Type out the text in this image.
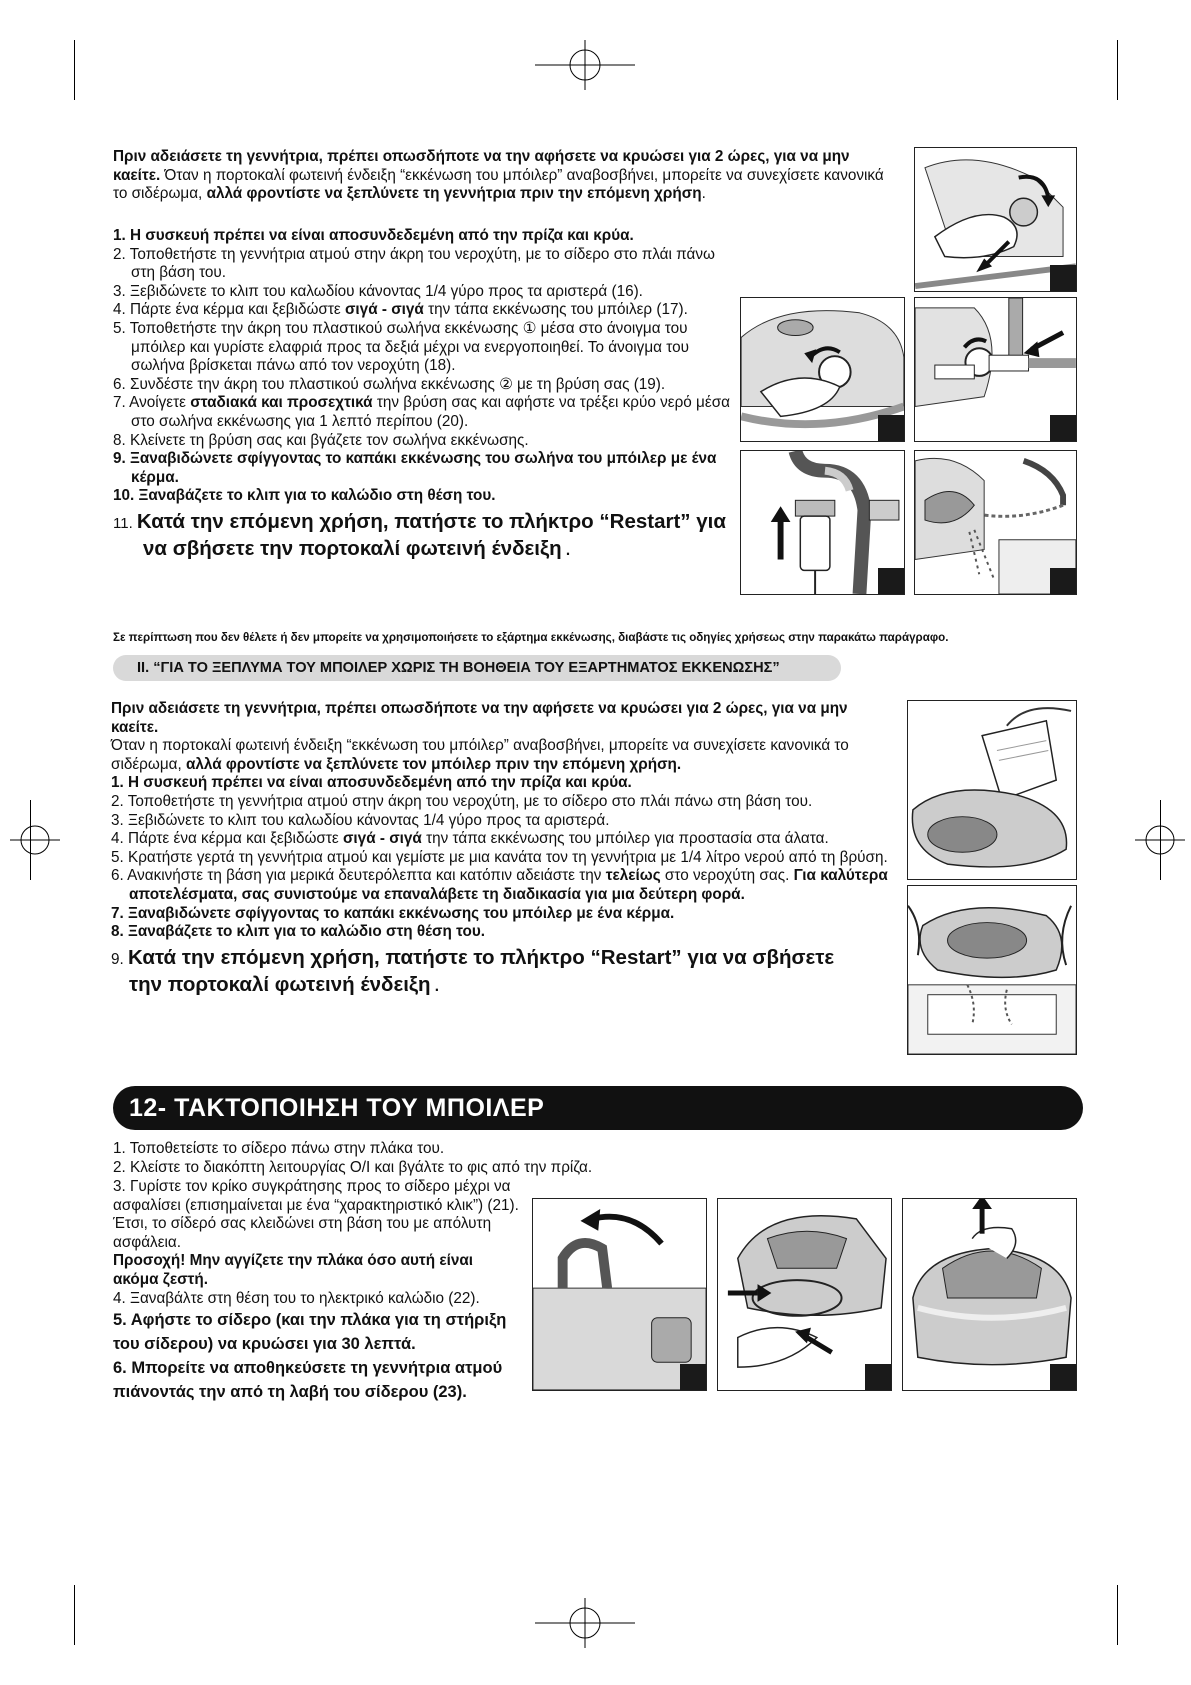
Πριν αδειάσετε τη γεννήτρια, πρέπει οπωσδήποτε να την αφήσετε να κρυώσει για 2 ώρες, για να μην καείτε. Όταν η πορτοκαλί φωτεινή ένδειξη “εκκένωση του μπόιλερ” αναβοσβήνει, μπορείτε να συνεχίσετε κανονικά το σιδέρωμα, αλλά φροντίστε να ξεπλύνετε τη γεννήτρια πριν την επόμενη χρήση.

1. Η συσκευή πρέπει να είναι αποσυνδεδεμένη από την πρίζα και κρύα.

2. Τοποθετήστε τη γεννήτρια ατμού στην άκρη του νεροχύτη, με το σίδερο στο πλάι πάνω στη βάση του.

3. Ξεβιδώνετε το κλιπ του καλωδίου κάνοντας 1/4 γύρο προς τα αριστερά (16).

4. Πάρτε ένα κέρμα και ξεβιδώστε σιγά - σιγά την τάπα εκκένωσης του μπόιλερ (17).

5. Τοποθετήστε την άκρη του πλαστικού σωλήνα εκκένωσης ① μέσα στο άνοιγμα του μπόιλερ και γυρίστε ελαφριά προς τα δεξιά μέχρι να ενεργοποιηθεί. Το άνοιγμα του σωλήνα βρίσκεται πάνω από τον νεροχύτη (18).

6. Συνδέστε την άκρη του πλαστικού σωλήνα εκκένωσης ② με τη βρύση σας (19).

7. Ανοίγετε σταδιακά και προσεχτικά την βρύση σας και αφήστε να τρέξει κρύο νερό μέσα στο σωλήνα εκκένωσης για 1 λεπτό περίπου (20).

8. Κλείνετε τη βρύση σας και βγάζετε τον σωλήνα εκκένωσης.

9. Ξαναβιδώνετε σφίγγοντας το καπάκι εκκένωσης του σωλήνα του μπόιλερ με ένα κέρμα.

10. Ξαναβάζετε το κλιπ για το καλώδιο στη θέση του.

11. Κατά την επόμενη χρήση, πατήστε το πλήκτρο “Restart” για να σβήσετε την πορτοκαλί φωτεινή ένδειξη .

Σε περίπτωση που δεν θέλετε ή δεν μπορείτε να χρησιμοποιήσετε το εξάρτημα εκκένωσης, διαβάστε τις οδηγίες χρήσεως στην παρακάτω παράγραφο.
II. “ΓΙΑ ΤΟ ΞΕΠΛΥΜΑ ΤΟΥ ΜΠΟΙΛΕΡ ΧΩΡΙΣ ΤΗ ΒΟΗΘΕΙΑ ΤΟΥ ΕΞΑΡΤΗΜΑΤΟΣ ΕΚΚΕΝΩΣΗΣ”

Πριν αδειάσετε τη γεννήτρια, πρέπει οπωσδήποτε να την αφήσετε να κρυώσει για 2 ώρες, για να μην καείτε.

Όταν η πορτοκαλί φωτεινή ένδειξη “εκκένωση του μπόιλερ” αναβοσβήνει, μπορείτε να συνεχίσετε κανονικά το σιδέρωμα, αλλά φροντίστε να ξεπλύνετε τον μπόιλερ πριν την επόμενη χρήση.

1. Η συσκευή πρέπει να είναι αποσυνδεδεμένη από την πρίζα και κρύα.

2. Τοποθετήστε τη γεννήτρια ατμού στην άκρη του νεροχύτη, με το σίδερο στο πλάι πάνω στη βάση του.

3. Ξεβιδώνετε το κλιπ του καλωδίου κάνοντας 1/4 γύρο προς τα αριστερά.

4. Πάρτε ένα κέρμα και ξεβιδώστε σιγά - σιγά την τάπα εκκένωσης του μπόιλερ για προστασία στα άλατα.

5. Κρατήστε γερτά τη γεννήτρια ατμού και γεμίστε με μια κανάτα τον τη γεννήτρια με 1/4 λίτρο νερού από τη βρύση.

6. Ανακινήστε τη βάση για μερικά δευτερόλεπτα και κατόπιν αδειάστε την τελείως στο νεροχύτη σας. Για καλύτερα αποτελέσματα, σας συνιστούμε να επαναλάβετε τη διαδικασία για μια δεύτερη φορά.

7. Ξαναβιδώνετε σφίγγοντας το καπάκι εκκένωσης του μπόιλερ με ένα κέρμα.

8. Ξαναβάζετε το κλιπ για το καλώδιο στη θέση του.

9. Κατά την επόμενη χρήση, πατήστε το πλήκτρο “Restart” για να σβήσετε την πορτοκαλί φωτεινή ένδειξη .

12- ΤΑΚΤΟΠΟΙΗΣΗ ΤΟΥ ΜΠΟΙΛΕΡ

1. Τοποθετείστε το σίδερο πάνω στην πλάκα του.

2. Κλείστε το διακόπτη λειτουργίας Ο/Ι και βγάλτε το φις από την πρίζα.

3. Γυρίστε τον κρίκο συγκράτησης προς το σίδερο μέχρι να ασφαλίσει (επισημαίνεται με ένα “χαρακτηριστικό κλικ”) (21). Έτσι, το σίδερό σας κλειδώνει στη βάση του με απόλυτη ασφάλεια.

Προσοχή! Μην αγγίζετε την πλάκα όσο αυτή είναι ακόμα ζεστή.

4. Ξαναβάλτε στη θέση του το ηλεκτρικό καλώδιο (22).

5. Αφήστε το σίδερο (και την πλάκα για τη στήριξη του σίδερου) να κρυώσει για 30 λεπτά.

6. Μπορείτε να αποθηκεύσετε τη γεννήτρια ατμού πιάνοντάς την από τη λαβή του σίδερου (23).
